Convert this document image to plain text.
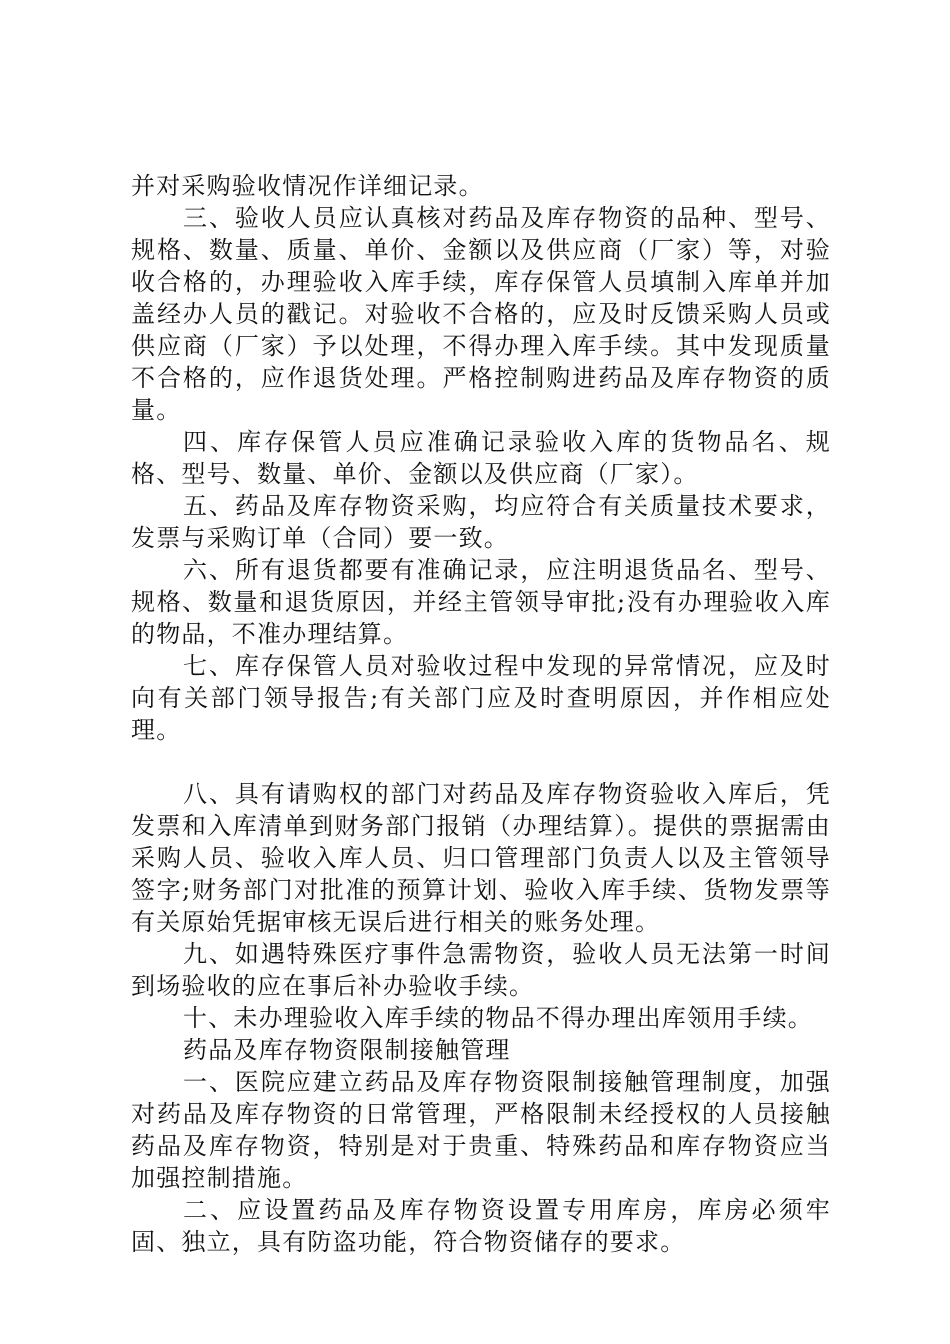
并对采购验收情况作详细记录。

三、验收人员应认真核对药品及库存物资的品种、型号、规格、数量、质量、单价、金额以及供应商（厂家）等，对验收合格的，办理验收入库手续，库存保管人员填制入库单并加盖经办人员的戳记。对验收不合格的，应及时反馈采购人员或供应商（厂家）予以处理，不得办理入库手续。其中发现质量不合格的，应作退货处理。严格控制购进药品及库存物资的质量。

四、库存保管人员应准确记录验收入库的货物品名、规格、型号、数量、单价、金额以及供应商（厂家）。

五、药品及库存物资采购，均应符合有关质量技术要求，发票与采购订单（合同）要一致。

六、所有退货都要有准确记录，应注明退货品名、型号、规格、数量和退货原因，并经主管领导审批;没有办理验收入库的物品，不准办理结算。

七、库存保管人员对验收过程中发现的异常情况，应及时向有关部门领导报告;有关部门应及时查明原因，并作相应处理。

八、具有请购权的部门对药品及库存物资验收入库后，凭发票和入库清单到财务部门报销（办理结算）。提供的票据需由采购人员、验收入库人员、归口管理部门负责人以及主管领导签字;财务部门对批准的预算计划、验收入库手续、货物发票等有关原始凭据审核无误后进行相关的账务处理。

九、如遇特殊医疗事件急需物资，验收人员无法第一时间到场验收的应在事后补办验收手续。

十、未办理验收入库手续的物品不得办理出库领用手续。

药品及库存物资限制接触管理

一、医院应建立药品及库存物资限制接触管理制度，加强对药品及库存物资的日常管理，严格限制未经授权的人员接触药品及库存物资，特别是对于贵重、特殊药品和库存物资应当加强控制措施。

二、应设置药品及库存物资设置专用库房，库房必须牢固、独立，具有防盗功能，符合物资储存的要求。
